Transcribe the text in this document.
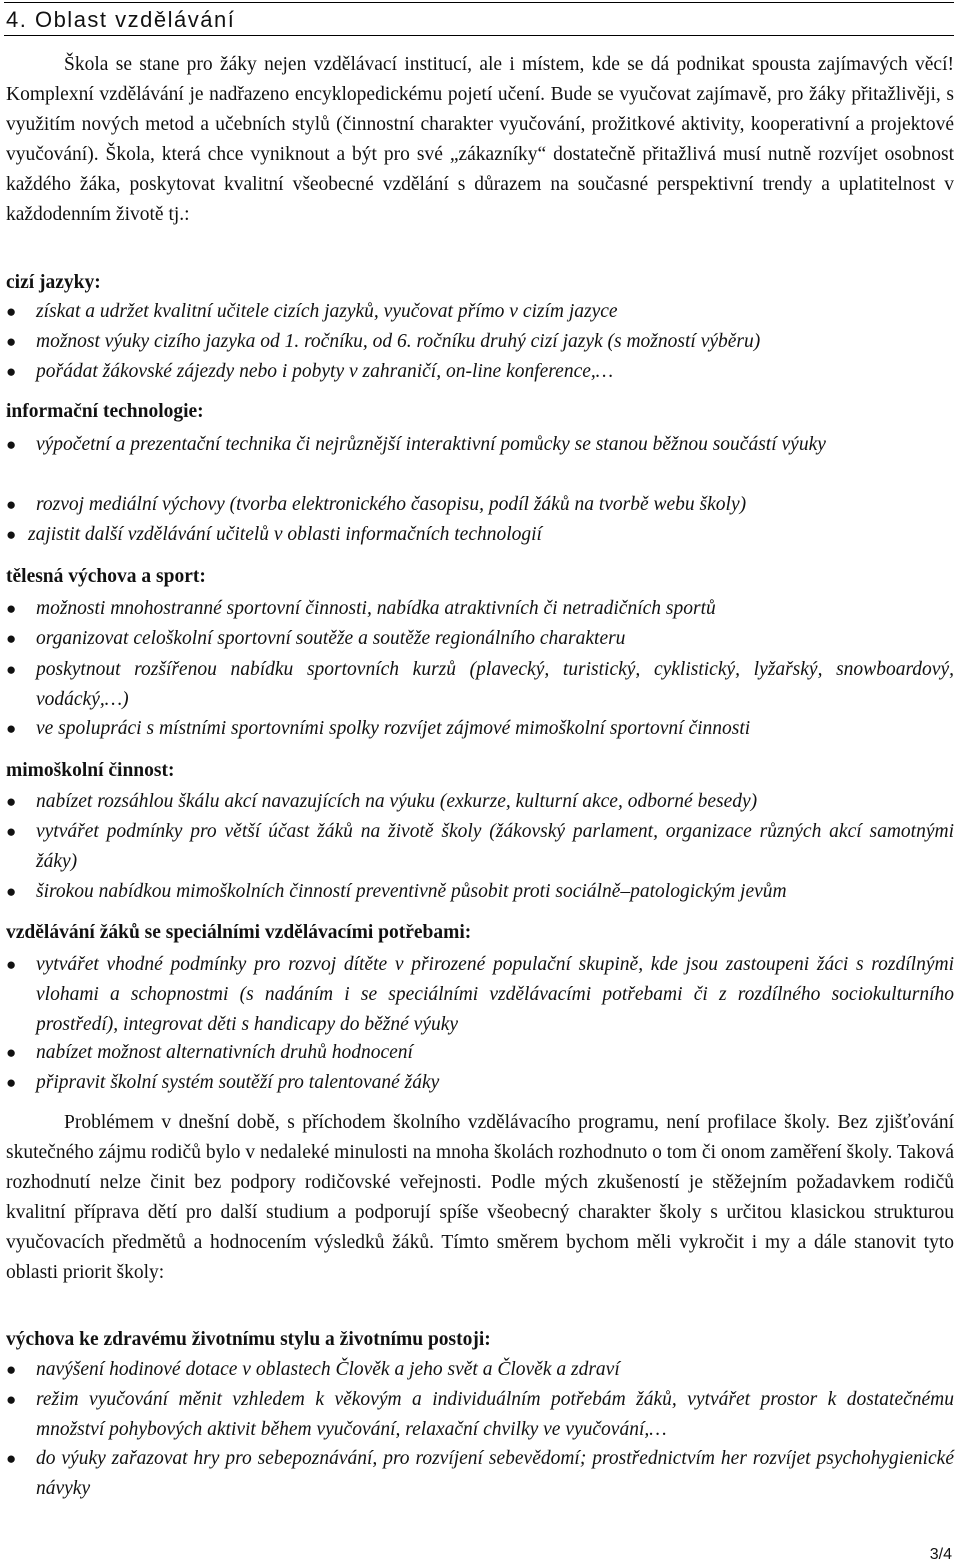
4. Oblast vzdělávání
Škola se stane pro žáky nejen vzdělávací institucí, ale i místem, kde se dá podnikat spousta zajímavých věcí! Komplexní vzdělávání je nadřazeno encyklopedickému pojetí učení. Bude se vyučovat zajímavě, pro žáky přitažlivěji, s využitím nových metod a učebních stylů (činnostní charakter vyučování, prožitkové aktivity, kooperativní a projektové vyučování). Škola, která chce vyniknout a být pro své „zákazníky“ dostatečně přitažlivá musí nutně rozvíjet osobnost každého žáka, poskytovat kvalitní všeobecné vzdělání s důrazem na současné perspektivní trendy a uplatitelnost v každodenním životě tj.:
cizí jazyky:
●	získat a udržet kvalitní učitele cizích jazyků, vyučovat přímo v cizím jazyce
●	možnost výuky cizího jazyka od 1. ročníku, od 6. ročníku druhý cizí jazyk (s možností výběru)
●	pořádat žákovské zájezdy nebo i pobyty v zahraničí, on-line konference,…
informační technologie:
●	výpočetní a prezentační technika či nejrůznější interaktivní pomůcky se stanou běžnou součástí výuky
●	rozvoj mediální výchovy (tvorba elektronického časopisu, podíl žáků na tvorbě webu školy)
● zajistit další vzdělávání učitelů v oblasti informačních technologií
tělesná výchova a sport:
●	možnosti mnohostranné sportovní činnosti, nabídka atraktivních či netradičních sportů
●	organizovat celoškolní sportovní soutěže a soutěže regionálního charakteru
●	poskytnout rozšířenou nabídku sportovních kurzů (plavecký, turistický, cyklistický, lyžařský, snowboardový, vodácký,…)
●	ve spolupráci s místními sportovními spolky rozvíjet zájmové mimoškolní sportovní činnosti
mimoškolní činnost:
●	nabízet rozsáhlou škálu akcí navazujících na výuku (exkurze, kulturní akce, odborné besedy)
●	vytvářet podmínky pro větší účast žáků na životě školy (žákovský parlament, organizace různých akcí samotnými žáky)
●	širokou nabídkou mimoškolních činností preventivně působit proti sociálně–patologickým jevům
vzdělávání žáků se speciálními vzdělávacími potřebami:
●	vytvářet vhodné podmínky pro rozvoj dítěte v přirozené populační skupině, kde jsou zastoupeni žáci s rozdílnými vlohami a schopnostmi (s nadáním i se speciálními vzdělávacími potřebami či z rozdílného sociokulturního prostředí), integrovat děti s handicapy do běžné výuky
●	nabízet možnost alternativních druhů hodnocení
●	připravit školní systém soutěží pro talentované žáky
Problémem v dnešní době, s příchodem školního vzdělávacího programu, není profilace školy. Bez zjišťování skutečného zájmu rodičů bylo v nedaleké minulosti na mnoha školách rozhodnuto o tom či onom zaměření školy. Taková rozhodnutí nelze činit bez podpory rodičovské veřejnosti. Podle mých zkušeností je stěžejním požadavkem rodičů kvalitní příprava dětí pro další studium a podporují spíše všeobecný charakter školy s určitou klasickou strukturou vyučovacích předmětů a hodnocením výsledků žáků. Tímto směrem bychom měli vykročit i my a dále stanovit tyto oblasti priorit školy:
výchova ke zdravému životnímu stylu a životnímu postoji:
●	navýšení hodinové dotace v oblastech Člověk a jeho svět a Člověk a zdraví
●	režim vyučování měnit vzhledem k věkovým a individuálním potřebám žáků, vytvářet prostor k dostatečnému množství pohybových aktivit během vyučování, relaxační chvilky ve vyučování,…
●	do výuky zařazovat hry pro sebepoznávání, pro rozvíjení sebevědomí; prostřednictvím her rozvíjet psychohygienické návyky
3/4
